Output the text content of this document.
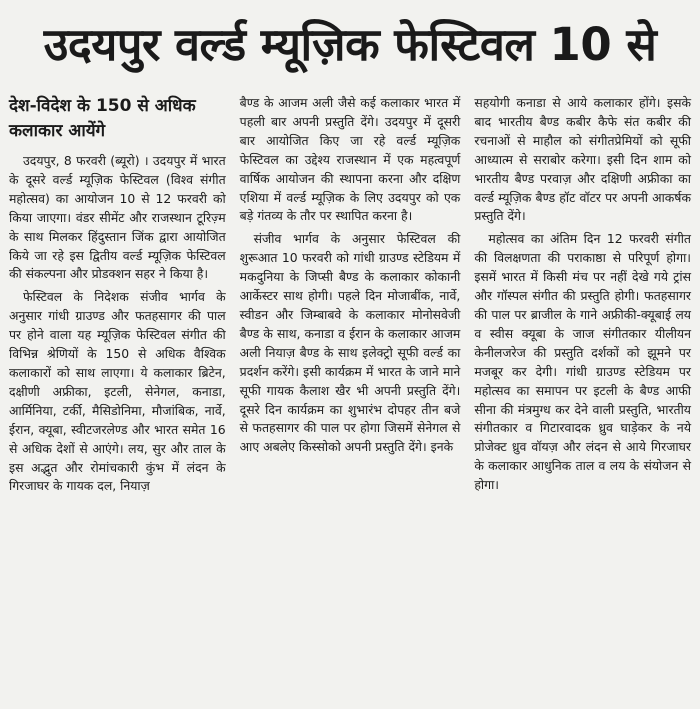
उदयपुर वर्ल्ड म्यूज़िक फेस्टिवल 10 से
देश-विदेश के 150 से अधिक कलाकार आयेंगे

उदयपुर, 8 फरवरी (ब्यूरो) । उदयपुर में भारत के दूसरे वर्ल्ड म्यूज़िक फेस्टिवल (विश्व संगीत महोत्सव) का आयोजन 10 से 12 फरवरी को किया जाएगा। वंडर सीमेंट और राजस्थान टूरिज़्म के साथ मिलकर हिंदुस्तान जिंक द्वारा आयोजित किये जा रहे इस द्वितीय वर्ल्ड म्यूज़िक फेस्टिवल की संकल्पना और प्रोडक्शन सहर ने किया है।

फेस्टिवल के निदेशक संजीव भार्गव के अनुसार गांधी ग्राउण्ड और फतहसागर की पाल पर होने वाला यह म्यूज़िक फेस्टिवल संगीत की विभिन्न श्रेणियों के 150 से अधिक वैश्विक कलाकारों को साथ लाएगा। ये कलाकार ब्रिटेन, दक्षीणी अफ्रीका, इटली, सेनेगल, कनाडा, आर्मिनिया, टर्की, मैसिडोनिमा, मौजांबिक, नार्वे, ईरान, क्यूबा, स्वीटजरलेण्ड और भारत समेत 16 से अधिक देशों से आएंगे। लय, सुर और ताल के इस अद्भुत और रोमांचकारी कुंभ में लंदन के गिरजाघर के गायक दल, नियाज़

बैण्ड के आजम अली जैसे कई कलाकार भारत में पहली बार अपनी प्रस्तुति देंगे। उदयपुर में दूसरी बार आयोजित किए जा रहे वर्ल्ड म्यूज़िक फेस्टिवल का उद्देश्य राजस्थान में एक महत्वपूर्ण वार्षिक आयोजन की स्थापना करना और दक्षिण एशिया में वर्ल्ड म्यूज़िक के लिए उदयपुर को एक बड़े गंतव्य के तौर पर स्थापित करना है।

संजीव भार्गव के अनुसार फेस्टिवल की शुरूआत 10 फरवरी को गांधी ग्राउण्ड स्टेडियम में मकदुनिया के जिप्सी बैण्ड के कलाकार कोकानी आर्केस्टर साथ होगी। पहले दिन मोजाबींक, नार्वे, स्वीडन और जिम्बाबवे के कलाकार मोनोसवेजी बैण्ड के साथ, कनाडा व ईरान के कलाकार आजम अली नियाज़ बैण्ड के साथ इलेक्ट्रो सूफी वर्ल्ड का प्रदर्शन करेंगे। इसी कार्यक्रम में भारत के जाने माने सूफी गायक कैलाश खैर भी अपनी प्रस्तुति देंगे। दूसरे दिन कार्यक्रम का शुभारंभ दोपहर तीन बजे से फतहसागर की पाल पर होगा जिसमें सेनेगल से आए अबलेए किस्सोको अपनी प्रस्तुति देंगे। इनके

सहयोगी कनाडा से आये कलाकार होंगे। इसके बाद भारतीय बैण्ड कबीर कैफे संत कबीर की रचनाओं से माहौल को संगीतप्रेमियों को सूफी आध्यात्म से सराबोर करेगा। इसी दिन शाम को भारतीय बैण्ड परवाज़ और दक्षिणी अफ्रीका का वर्ल्ड म्यूज़िक बैण्ड हॉट वॉटर पर अपनी आकर्षक प्रस्तुति देंगे।

महोत्सव का अंतिम दिन 12 फरवरी संगीत की विलक्षणता की पराकाष्ठा से परिपूर्ण होगा। इसमें भारत में किसी मंच पर नहीं देखे गये ट्रांस और गॉस्पल संगीत की प्रस्तुति होगी। फतहसागर की पाल पर ब्राजील के गाने अफ्रीकी-क्यूबाई लय व स्वीस क्यूबा के जाज संगीतकार यीलीयन केनीलजरेज की प्रस्तुति दर्शकों को झूमने पर मजबूर कर देगी। गांधी ग्राउण्ड स्टेडियम पर महोत्सव का समापन पर इटली के बैण्ड आफी सीना की मंत्रमुग्ध कर देने वाली प्रस्तुति, भारतीय संगीतकार व गिटारवादक ध्रुव घाड़ेकर के नये प्रोजेक्ट ध्रुव वॉयज़ और लंदन से आये गिरजाघर के कलाकार आधुनिक ताल व लय के संयोजन से होगा।
